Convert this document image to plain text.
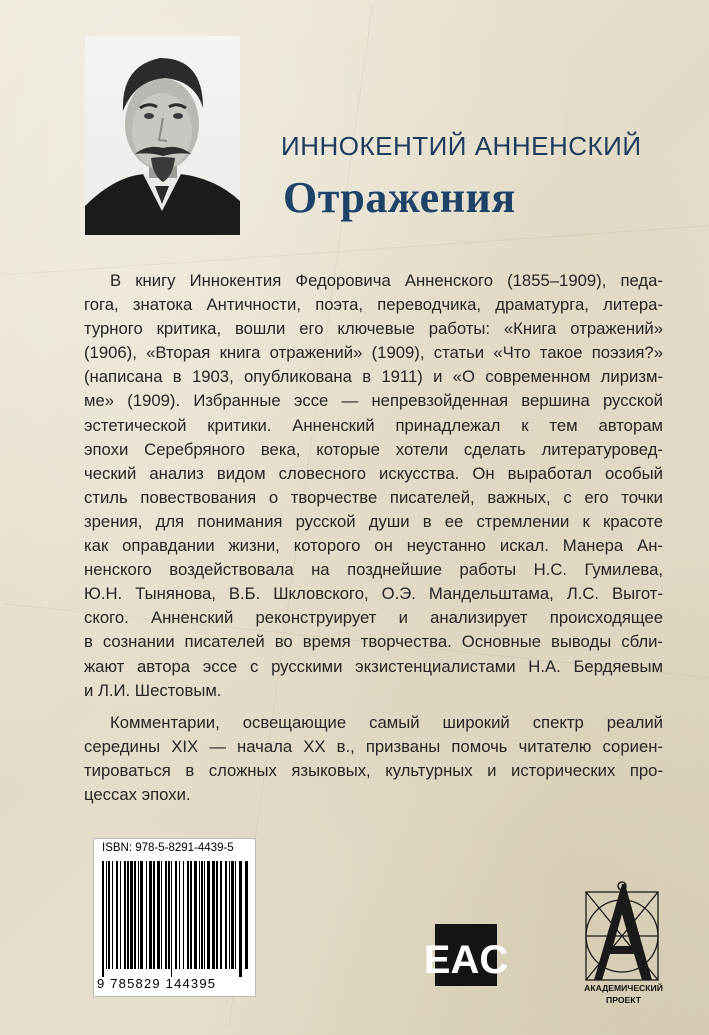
ИННОКЕНТИЙ АННЕНСКИЙ
Отражения

В книгу Иннокентия Федоровича Анненского (1855–1909), педа-
гога, знатока Античности, поэта, переводчика, драматурга, литера-
турного критика, вошли его ключевые работы: «Книга отражений»
(1906), «Вторая книга отражений» (1909), статьи «Что такое поэзия?»
(написана в 1903, опубликована в 1911) и «О современном лиризм-
ме» (1909). Избранные эссе — непревзойденная вершина русской
эстетической критики. Анненский принадлежал к тем авторам
эпохи Серебряного века, которые хотели сделать литературовед-
ческий анализ видом словесного искусства. Он выработал особый
стиль повествования о творчестве писателей, важных, с его точки
зрения, для понимания русской души в ее стремлении к красоте
как оправдании жизни, которого он неустанно искал. Манера Ан-
ненского воздействовала на позднейшие работы Н.С. Гумилева,
Ю.Н. Тынянова, В.Б. Шкловского, О.Э. Мандельштама, Л.С. Выгот-
ского. Анненский реконструирует и анализирует происходящее
в сознании писателей во время творчества. Основные выводы сбли-
жают автора эссе с русскими экзистенциалистами Н.А. Бердяевым
и Л.И. Шестовым.

Комментарии, освещающие самый широкий спектр реалий
середины XIX — начала XX в., призваны помочь читателю сориен-
тироваться в сложных языковых, культурных и исторических про-
цессах эпохи.

ISBN: 978-5-8291-4439-5
9 785829 144395
EAC
АКАДЕМИЧЕСКИЙ
ПРОЕКТ
